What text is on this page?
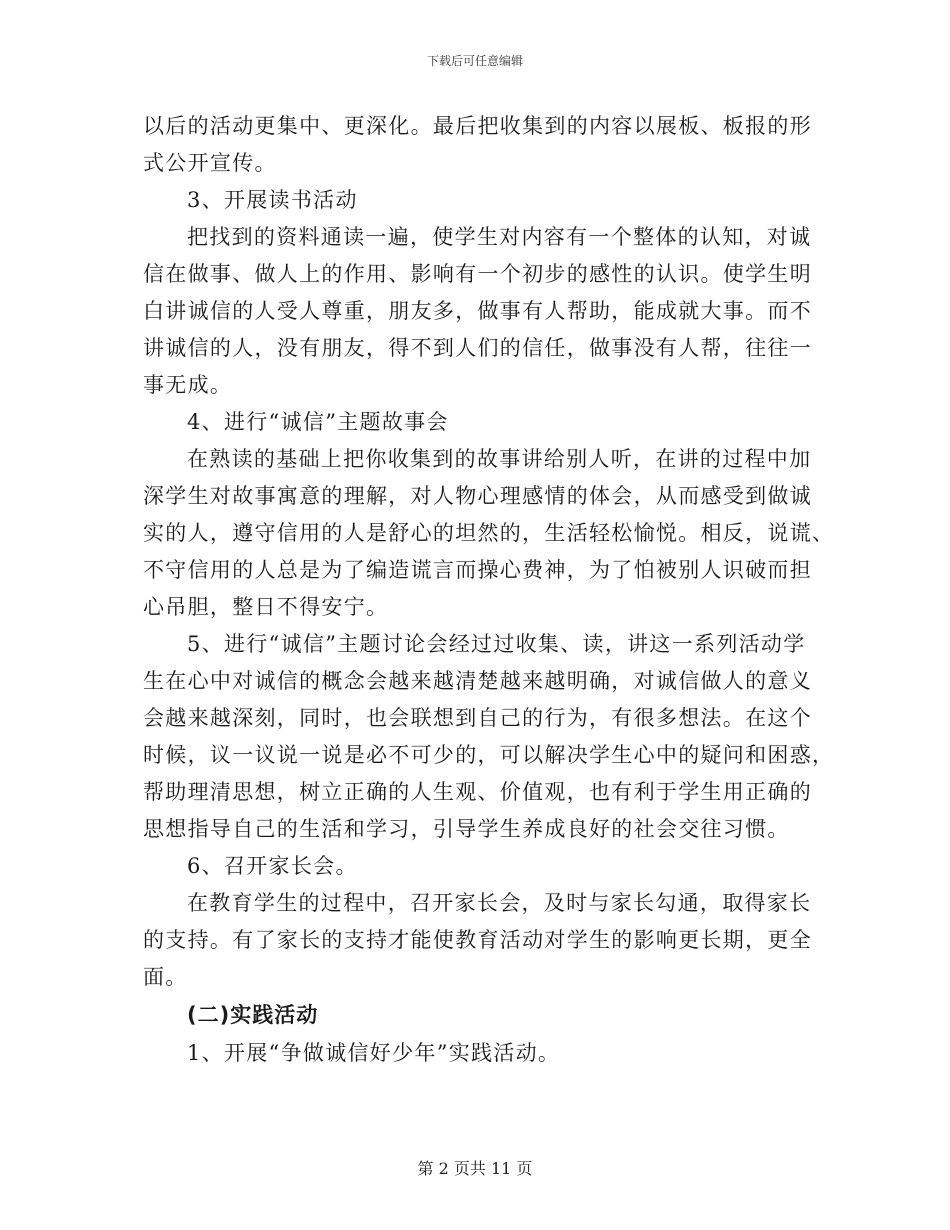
下载后可任意编辑
以后的活动更集中、更深化。最后把收集到的内容以展板、板报的形
式公开宣传。
3、开展读书活动
把找到的资料通读一遍，使学生对内容有一个整体的认知，对诚
信在做事、做人上的作用、影响有一个初步的感性的认识。使学生明
白讲诚信的人受人尊重，朋友多，做事有人帮助，能成就大事。而不
讲诚信的人，没有朋友，得不到人们的信任，做事没有人帮，往往一
事无成。
4、进行“诚信”主题故事会
在熟读的基础上把你收集到的故事讲给别人听，在讲的过程中加
深学生对故事寓意的理解，对人物心理感情的体会，从而感受到做诚
实的人，遵守信用的人是舒心的坦然的，生活轻松愉悦。相反，说谎、
不守信用的人总是为了编造谎言而操心费神，为了怕被别人识破而担
心吊胆，整日不得安宁。
5、进行“诚信”主题讨论会经过过收集、读，讲这一系列活动学
生在心中对诚信的概念会越来越清楚越来越明确，对诚信做人的意义
会越来越深刻，同时，也会联想到自己的行为，有很多想法。在这个
时候，议一议说一说是必不可少的，可以解决学生心中的疑问和困惑，
帮助理清思想，树立正确的人生观、价值观，也有利于学生用正确的
思想指导自己的生活和学习，引导学生养成良好的社会交往习惯。
6、召开家长会。
在教育学生的过程中，召开家长会，及时与家长勾通，取得家长
的支持。有了家长的支持才能使教育活动对学生的影响更长期，更全
面。
(二)实践活动
1、开展“争做诚信好少年”实践活动。
第 2 页共 11 页
